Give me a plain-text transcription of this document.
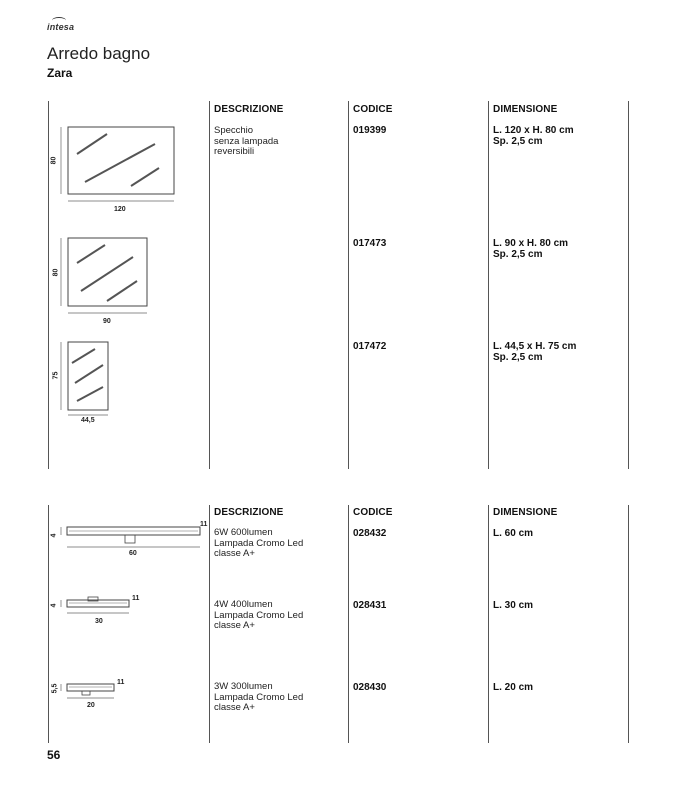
intesa
Arredo bagno
Zara
DESCRIZIONE	CODICE	DIMENSIONE
Specchio
senza lampada
reversibili
80
120
019399	L. 120 x H. 80 cm
Sp. 2,5 cm
80
90
017473	L. 90 x H. 80 cm
Sp. 2,5 cm
75
44,5
017472	L. 44,5 x H. 75 cm
Sp. 2,5 cm
DESCRIZIONE	CODICE	DIMENSIONE
4
11
60
6W 600lumen
Lampada Cromo Led
classe A+
028432	L. 60 cm
4
11
30
4W 400lumen
Lampada Cromo Led
classe A+
028431	L. 30 cm
5,5
11
20
3W 300lumen
Lampada Cromo Led
classe A+
028430	L. 20 cm
56
